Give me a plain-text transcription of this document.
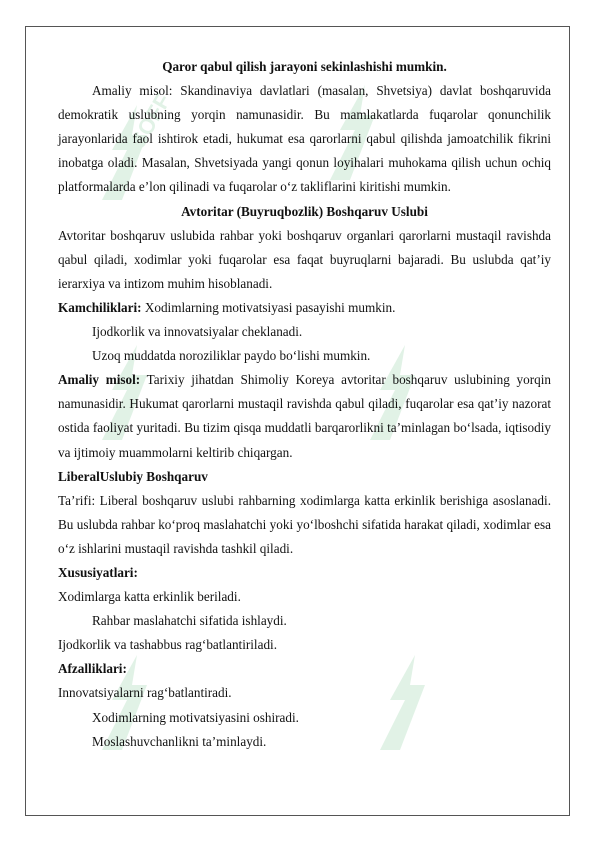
SOFF

Qaror qabul qilish jarayoni sekinlashishi mumkin.

Amaliy misol: Skandinaviya davlatlari (masalan, Shvetsiya) davlat boshqaruvida demokratik uslubning yorqin namunasidir. Bu mamlakatlarda fuqarolar qonunchilik jarayonlarida faol ishtirok etadi, hukumat esa qarorlarni qabul qilishda jamoatchilik fikrini inobatga oladi. Masalan, Shvetsiyada yangi qonun loyihalari muhokama qilish uchun ochiq platformalarda e’lon qilinadi va fuqarolar o‘z takliflarini kiritishi mumkin.

Avtoritar (Buyruqbozlik) Boshqaruv Uslubi

Avtoritar boshqaruv uslubida rahbar yoki boshqaruv organlari qarorlarni mustaqil ravishda qabul qiladi, xodimlar yoki fuqarolar esa faqat buyruqlarni bajaradi. Bu uslubda qat’iy ierarxiya va intizom muhim hisoblanadi.

Kamchiliklari: Xodimlarning motivatsiyasi pasayishi mumkin.

Ijodkorlik va innovatsiyalar cheklanadi.

Uzoq muddatda noroziliklar paydo bo‘lishi mumkin.

Amaliy misol: Tarixiy jihatdan Shimoliy Koreya avtoritar boshqaruv uslubining yorqin namunasidir. Hukumat qarorlarni mustaqil ravishda qabul qiladi, fuqarolar esa qat’iy nazorat ostida faoliyat yuritadi. Bu tizim qisqa muddatli barqarorlikni ta’minlagan bo‘lsada, iqtisodiy va ijtimoiy muammolarni keltirib chiqargan.

LiberalUslubiy Boshqaruv

Ta’rifi: Liberal boshqaruv uslubi rahbarning xodimlarga katta erkinlik berishiga asoslanadi. Bu uslubda rahbar ko‘proq maslahatchi yoki yo‘lboshchi sifatida harakat qiladi, xodimlar esa o‘z ishlarini mustaqil ravishda tashkil qiladi.

Xususiyatlari:

Xodimlarga katta erkinlik beriladi.

Rahbar maslahatchi sifatida ishlaydi.

Ijodkorlik va tashabbus rag‘batlantiriladi.

Afzalliklari:

Innovatsiyalarni rag‘batlantiradi.

Xodimlarning motivatsiyasini oshiradi.

Moslashuvchanlikni ta’minlaydi.
